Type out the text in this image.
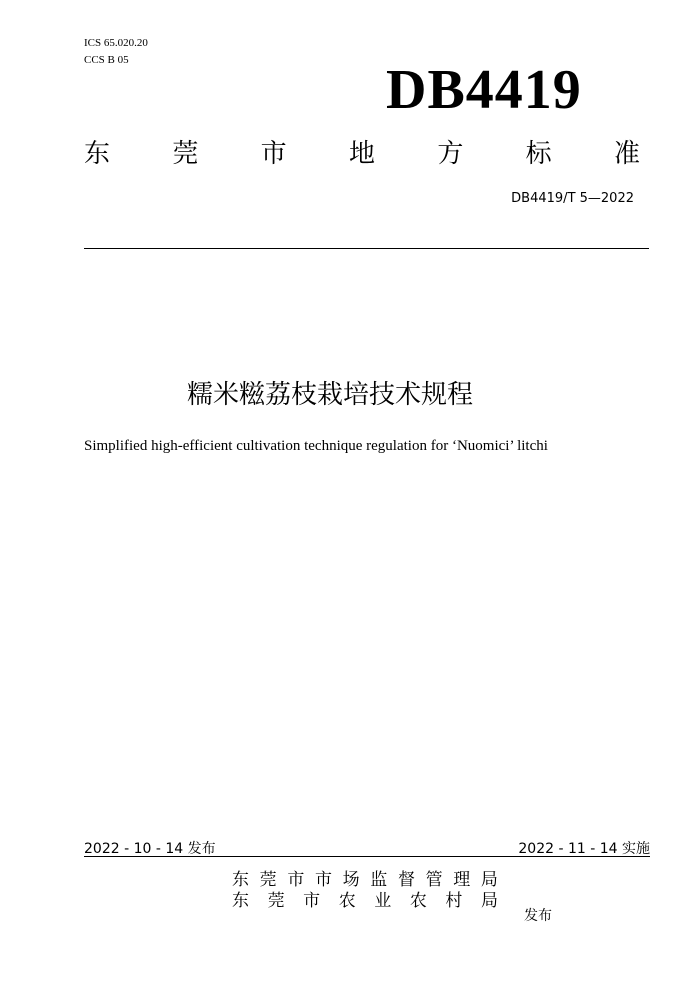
ICS 65.020.20
CCS B 05	DB4419
东 莞 市 地 方 标 准
DB4419/T 5—2022
糯米糍荔枝栽培技术规程
Simplified high-efficient cultivation technique regulation for ‘Nuomici’ litchi
2022 - 10 - 14 发布	2022 - 11 - 14 实施
东 莞 市 市 场 监 督 管 理 局
东 莞 市 农 业 农 村 局
发布
